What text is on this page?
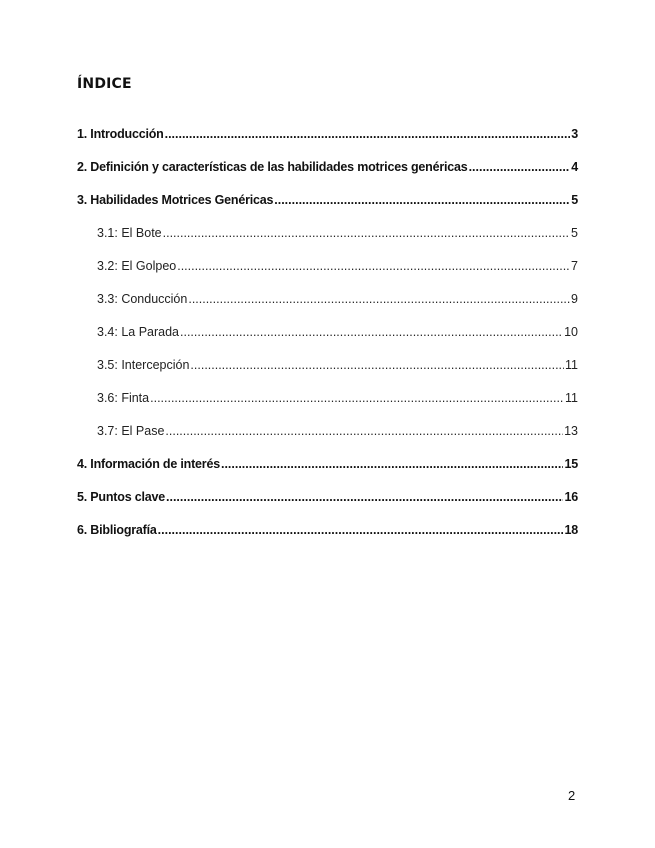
ÍNDICE
1. Introducción .....	3
2. Definición y características de las habilidades motrices genéricas .....	4
3. Habilidades Motrices Genéricas .....	5
3.1: El Bote .....	5
3.2: El Golpeo .....	7
3.3: Conducción .....	9
3.4: La Parada .....	10
3.5: Intercepción .....	11
3.6: Finta .....	11
3.7: El Pase .....	13
4. Información de interés .....	15
5. Puntos clave .....	16
6. Bibliografía .....	18
2
